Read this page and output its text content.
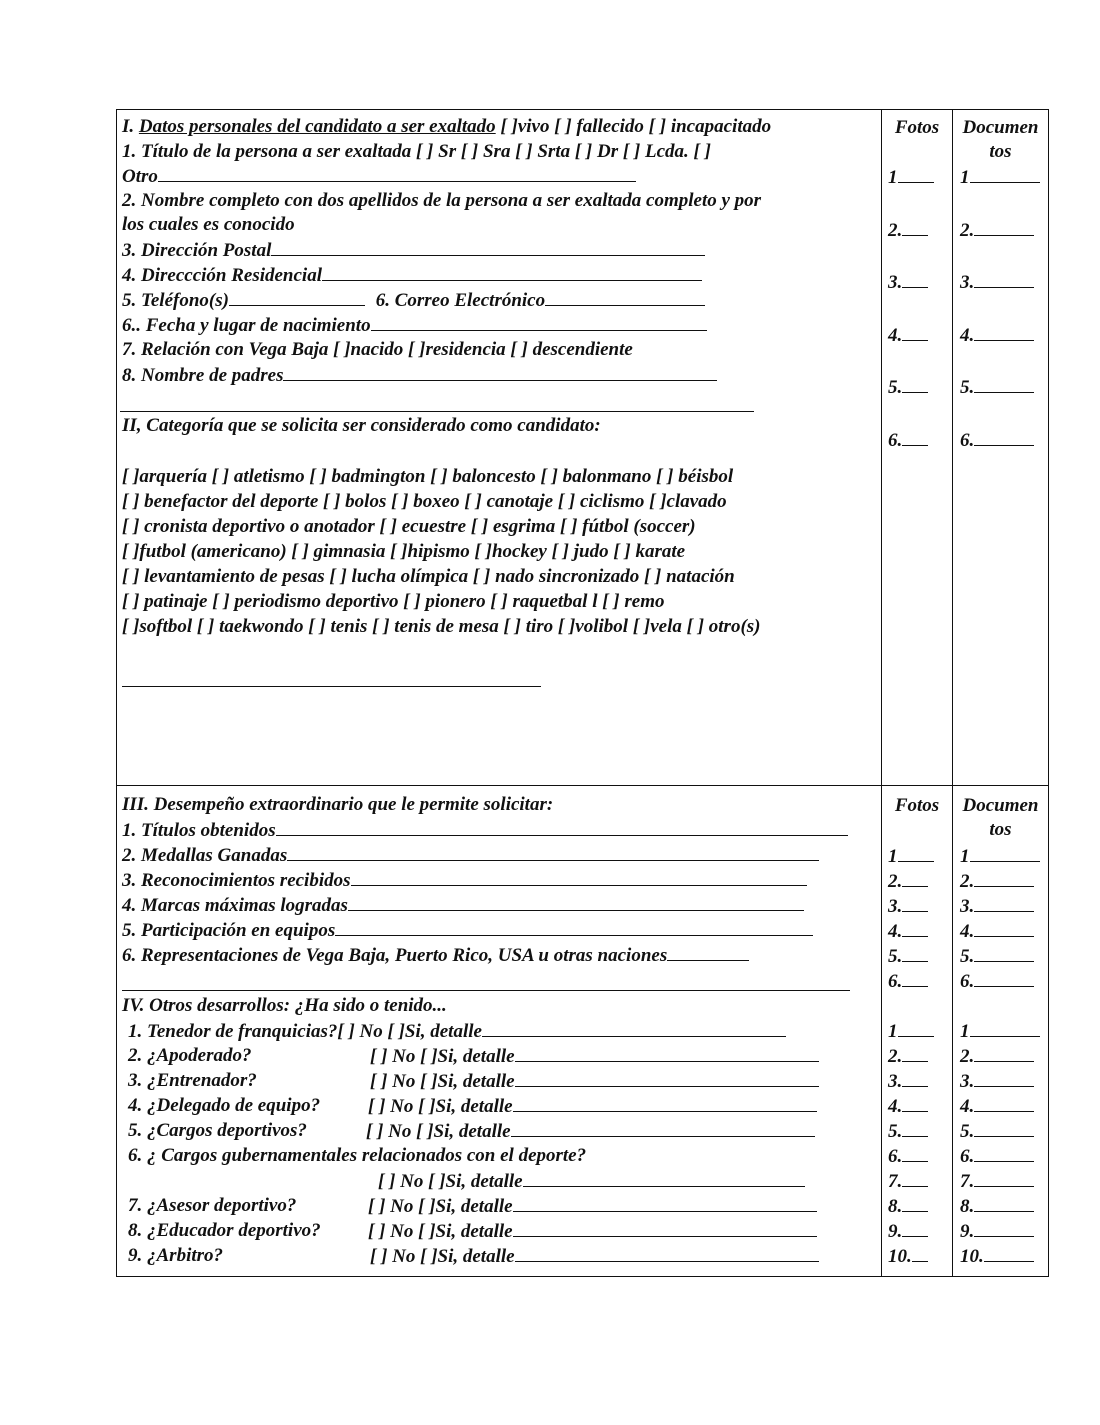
I. Datos personales del candidato a ser exaltado [ ]vivo [ ] fallecido [ ] incapacitado
1. Título de la persona a ser exaltada [ ] Sr [ ] Sra [ ] Srta [ ] Dr [ ] Lcda. [ ]
Otro
2. Nombre completo con dos apellidos de la persona a ser exaltada completo y por
los cuales es conocido
3. Dirección Postal
4. Direccción Residencial
5. Teléfono(s)	6. Correo Electrónico
6.. Fecha y lugar de nacimiento
7. Relación con Vega Baja [ ]nacido [ ]residencia [ ] descendiente
8. Nombre de padres
II, Categoría que se solicita ser considerado como candidato:
[ ]arquería [ ] atletismo [ ] badmington [ ] baloncesto [ ] balonmano [ ] béisbol
[ ] benefactor del deporte [ ] bolos [ ] boxeo [ ] canotaje [ ] ciclismo [ ]clavado
[ ] cronista deportivo o anotador [ ] ecuestre [ ] esgrima [ ] fútbol (soccer)
[ ]futbol (americano) [ ] gimnasia [ ]hipismo [ ]hockey [ ] judo [ ] karate
[ ] levantamiento de pesas [ ] lucha olímpica [ ] nado sincronizado [ ] natación
[ ] patinaje [ ] periodismo deportivo [ ] pionero [ ] raquetbal l [ ] remo
[ ]softbol [ ] taekwondo [ ] tenis [ ] tenis de mesa [ ] tiro [ ]volibol [ ]vela [ ] otro(s)
III. Desempeño extraordinario que le permite solicitar:
1. Títulos obtenidos
2. Medallas Ganadas
3. Reconocimientos recibidos
4. Marcas máximas logradas
5. Participación en equipos
6. Representaciones de Vega Baja, Puerto Rico, USA u otras naciones
IV. Otros desarrollos: ¿Ha sido o tenido...
1. Tenedor de franquicias?[ ] No [ ]Si, detalle
2. ¿Apoderado?	[ ] No [ ]Si, detalle
3. ¿Entrenador?	[ ] No [ ]Si, detalle
4. ¿Delegado de equipo?	[ ] No [ ]Si, detalle
5. ¿Cargos deportivos?	[ ] No [ ]Si, detalle
6. ¿ Cargos gubernamentales relacionados con el deporte?
[ ] No [ ]Si, detalle
7. ¿Asesor deportivo?	[ ] No [ ]Si, detalle
8. ¿Educador deportivo? [ ] No [ ]Si, detalle
9. ¿Arbitro?	[ ] No [ ]Si, detalle
Fotos	Documen
tos
1	1
2.	2.
3.	3.
4.	4.
5.	5.
6.	6.
Fotos	Documen
tos
1	1
2.	2.
3.	3.
4.	4.
5.	5.
6.	6.
1	1
2.	2.
3.	3.
4.	4.
5.	5.
6.	6.
7.	7.
8.	8.
9.	9.
10.	10.
